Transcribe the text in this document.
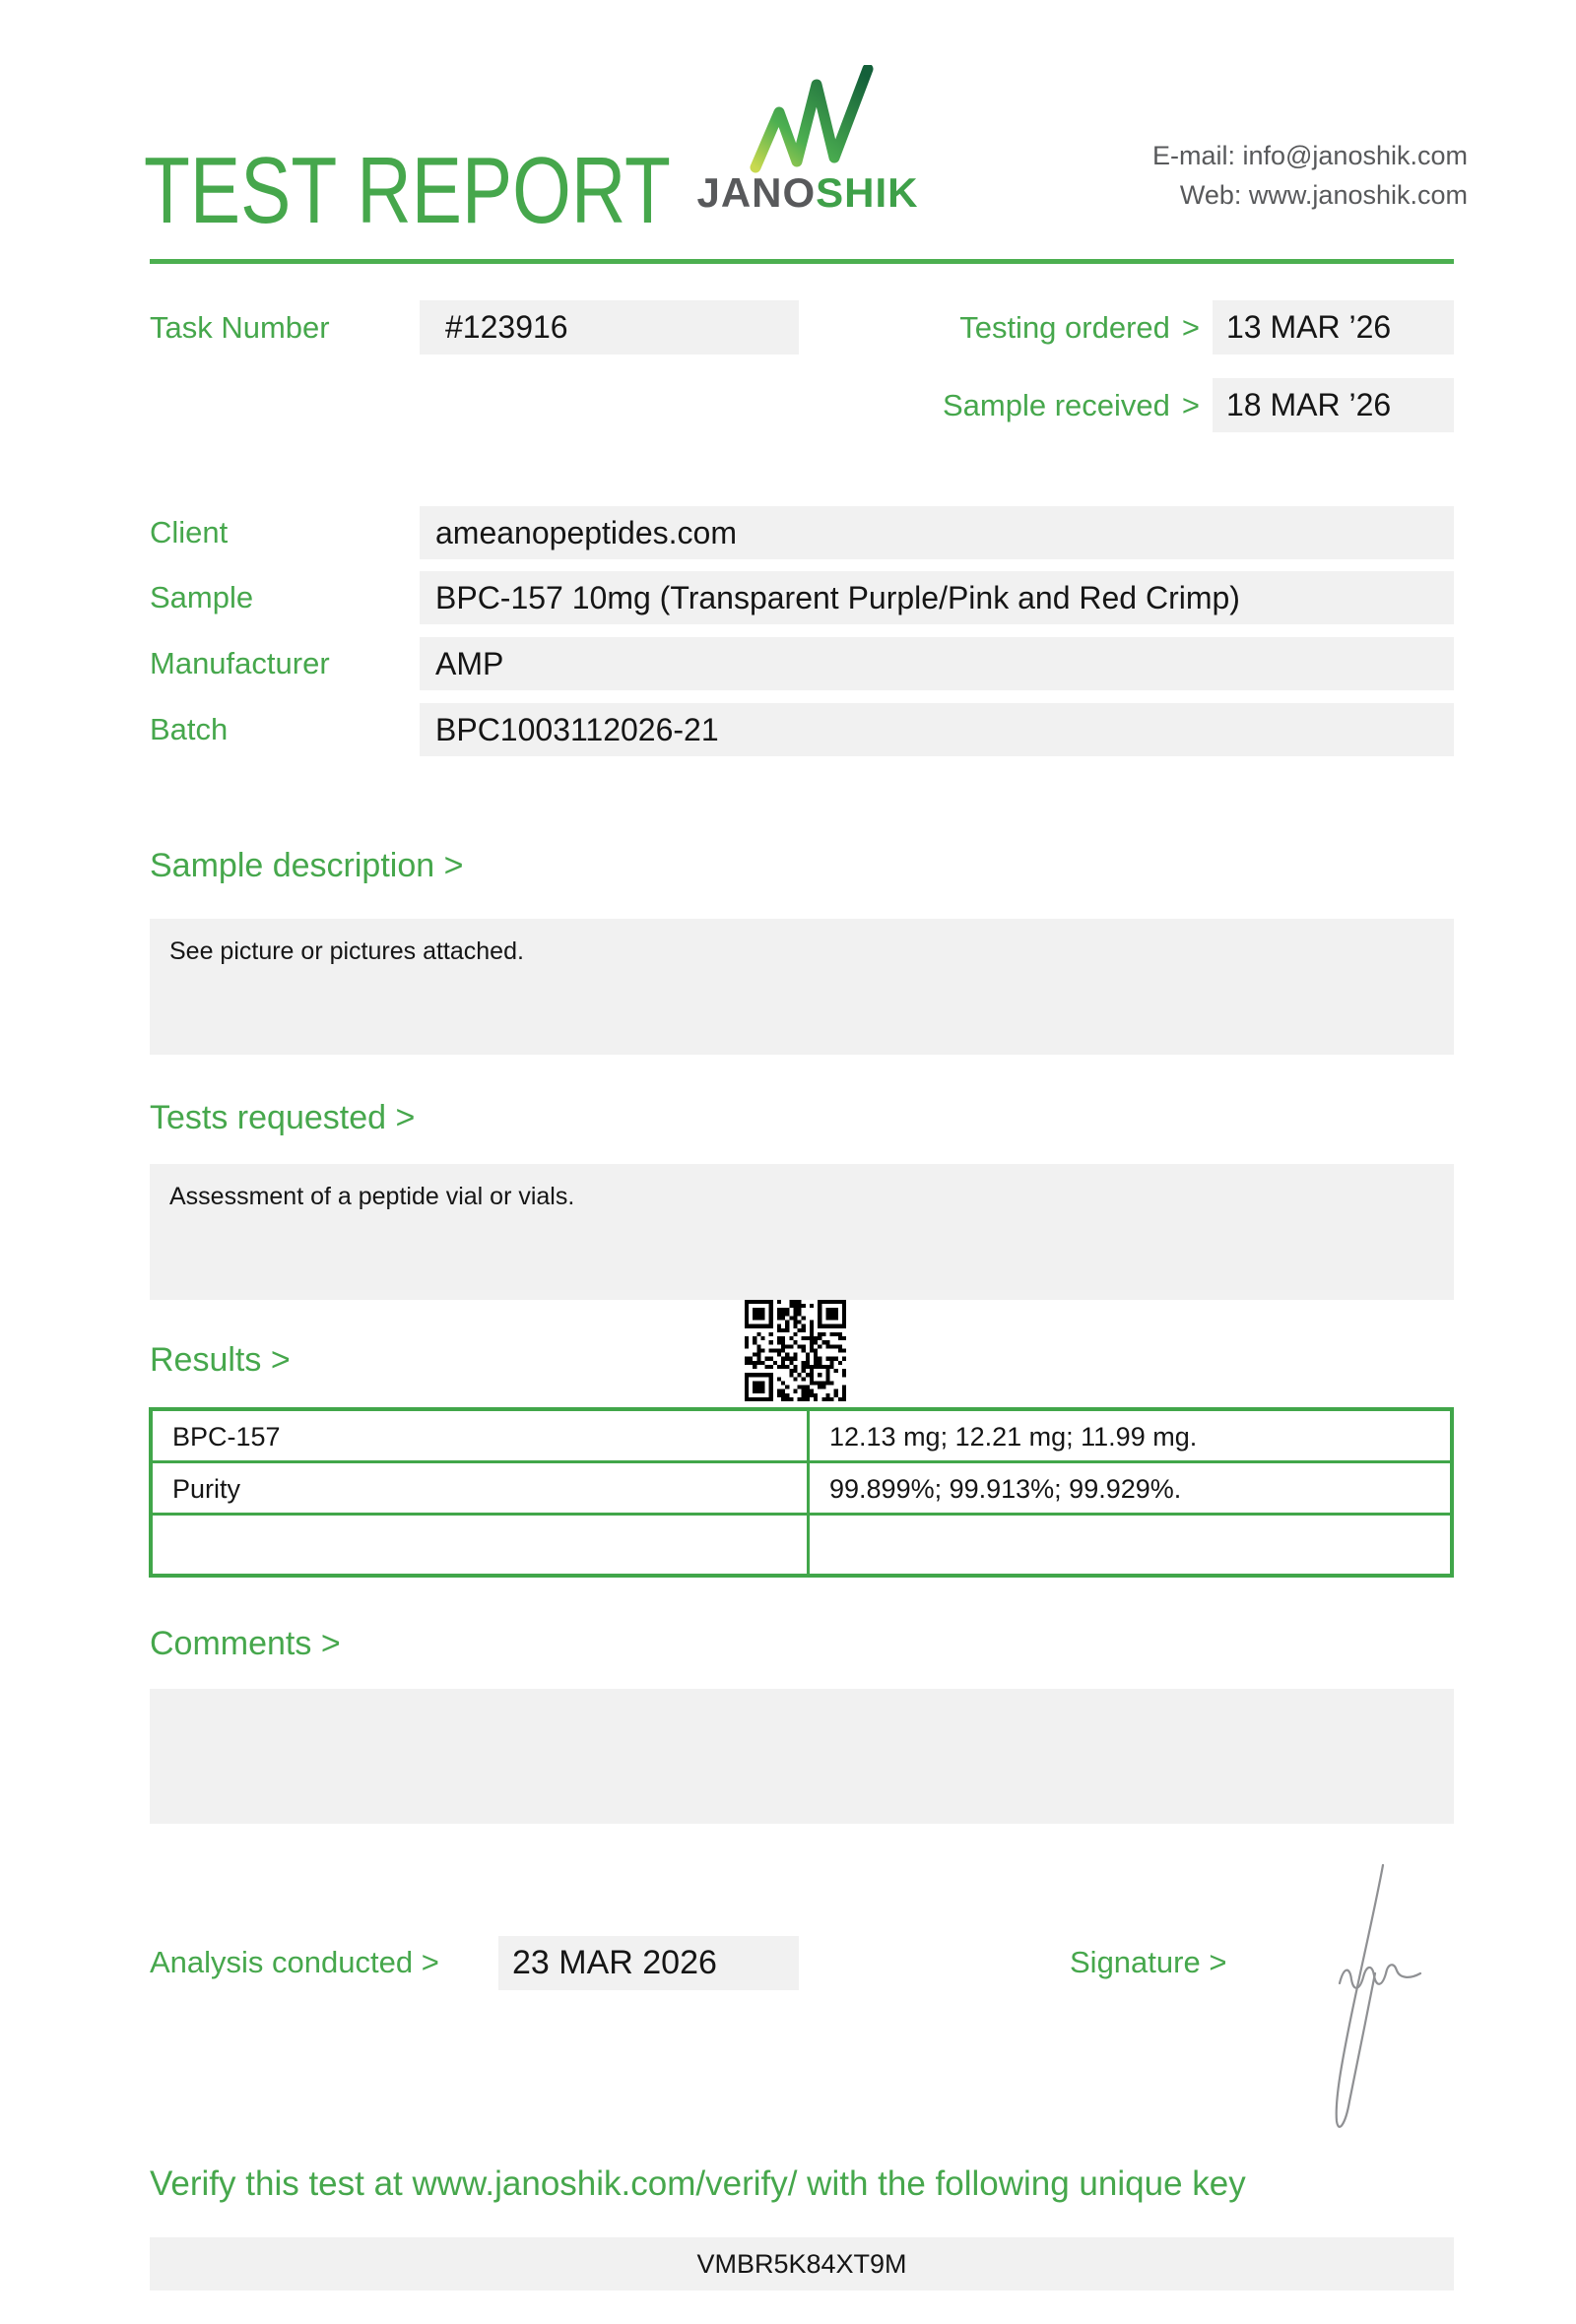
TEST REPORT JANOSHIK
E-mail: info@janoshik.com
Web: www.janoshik.com
Task Number	#123916	Testing ordered > 13 MAR ’26
Sample received > 18 MAR ’26
Client	ameanopeptides.com
Sample	BPC-157 10mg (Transparent Purple/Pink and Red Crimp)
Manufacturer	AMP
Batch	BPC1003112026-21
Sample description >
See picture or pictures attached.
Tests requested >
Assessment of a peptide vial or vials.
Results >
BPC-157	12.13 mg; 12.21 mg; 11.99 mg.
Purity	99.899%; 99.913%; 99.929%.
Comments >
Analysis conducted >	23 MAR 2026	Signature >
Verify this test at www.janoshik.com/verify/ with the following unique key
VMBR5K84XT9M
